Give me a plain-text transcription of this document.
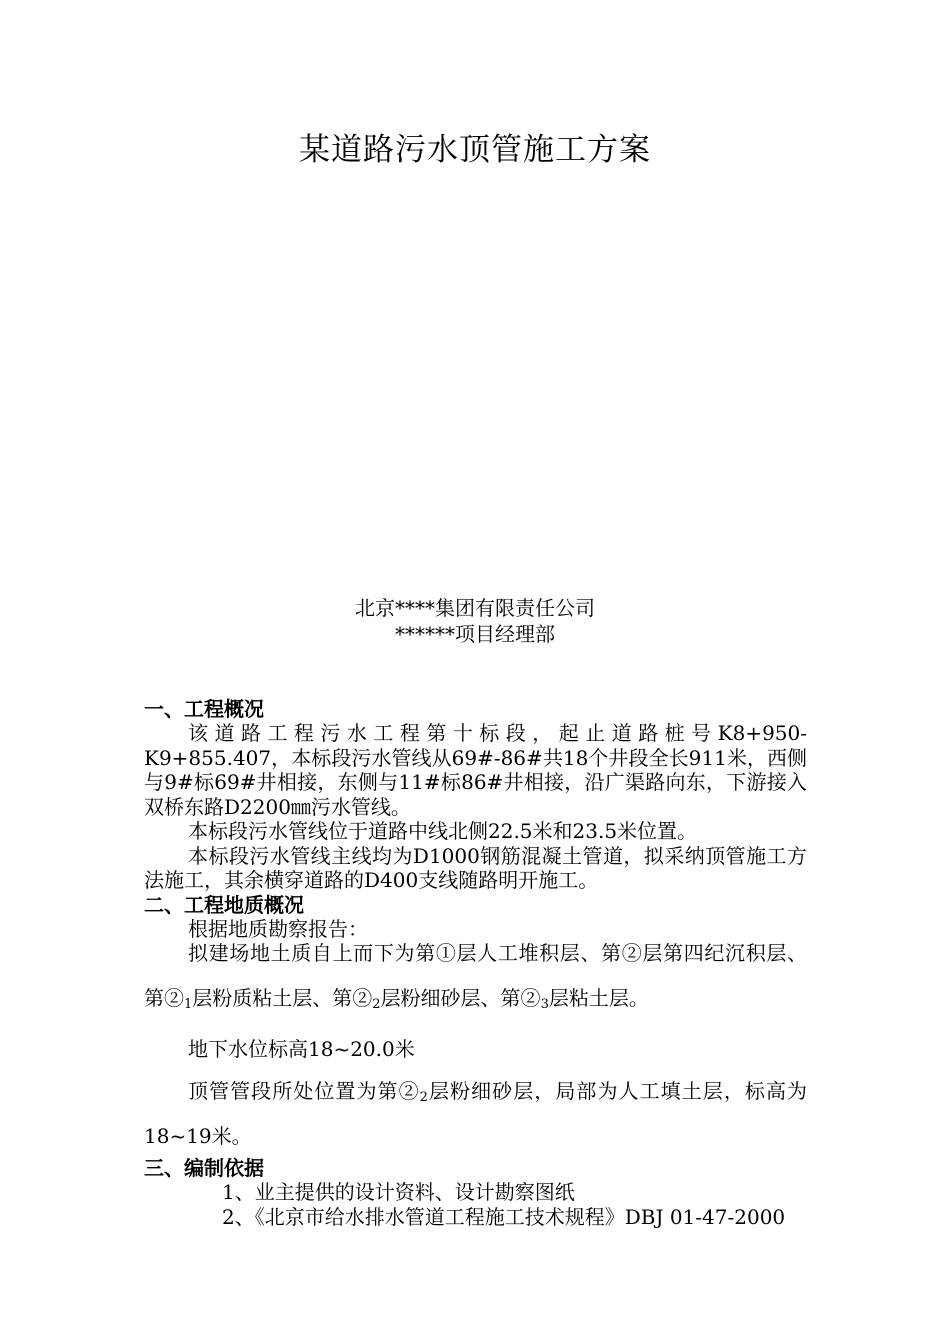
某道路污水顶管施工方案
北京****集团有限责任公司
******项目经理部

一、工程概况

该道路工程污水工程第十标段，起止道路桩号K8+950-K9+855.407，本标段污水管线从69#-86#共18个井段全长911米，西侧与9#标69#井相接，东侧与11#标86#井相接，沿广渠路向东，下游接入双桥东路D2200㎜污水管线。

本标段污水管线位于道路中线北侧22.5米和23.5米位置。

本标段污水管线主线均为D1000钢筋混凝土管道，拟采纳顶管施工方法施工，其余横穿道路的D400支线随路明开施工。

二、工程地质概况

根据地质勘察报告：

拟建场地土质自上而下为第①层人工堆积层、第②层第四纪沉积层、第$②_1$层粉质粘土层、第$②_2$层粉细砂层、第$②_3$层粘土层。

地下水位标高18~20.0米

顶管管段所处位置为第$②_2$层粉细砂层，局部为人工填土层，标高为18~19米。

三、编制依据

1、业主提供的设计资料、设计勘察图纸

2、《北京市给水排水管道工程施工技术规程》DBJ 01-47-2000
